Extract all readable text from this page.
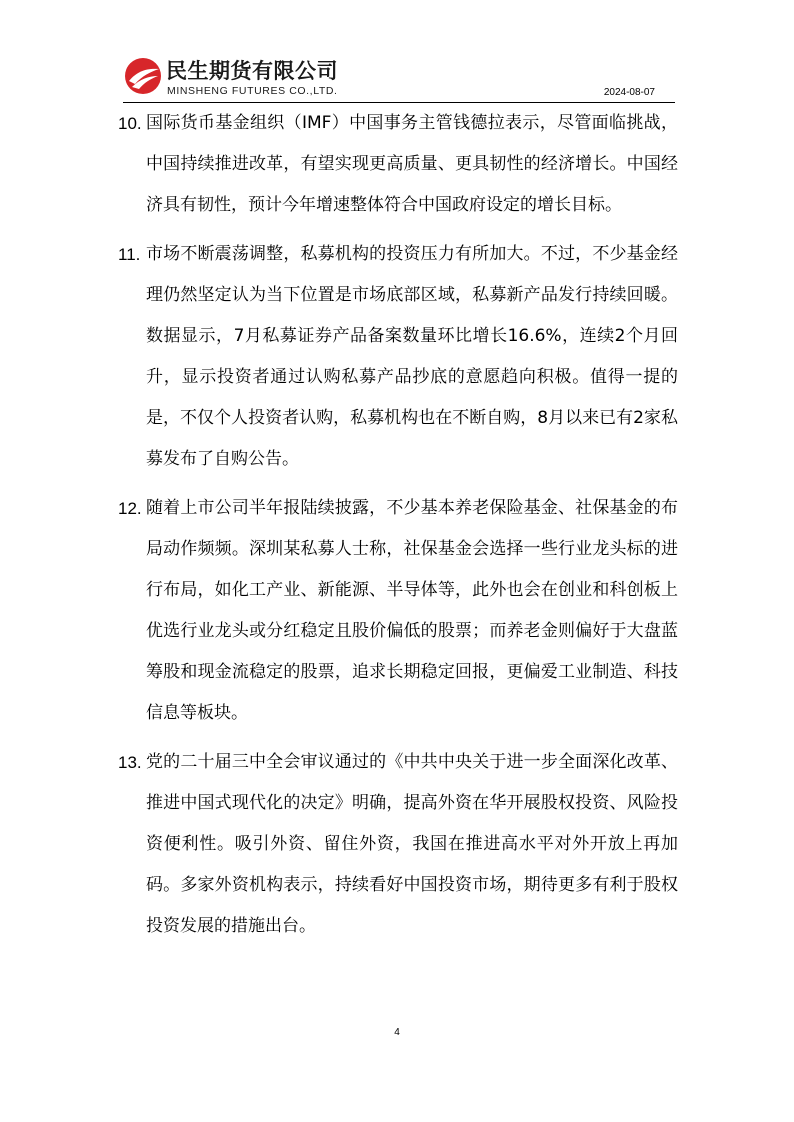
民生期货有限公司
MINSHENG FUTURES CO.,LTD.	2024-08-07
10. 国际货币基金组织（IMF）中国事务主管钱德拉表示，尽管面临挑战，中国持续推进改革，有望实现更高质量、更具韧性的经济增长。中国经济具有韧性，预计今年增速整体符合中国政府设定的增长目标。
11. 市场不断震荡调整，私募机构的投资压力有所加大。不过，不少基金经理仍然坚定认为当下位置是市场底部区域，私募新产品发行持续回暖。数据显示，7月私募证券产品备案数量环比增长16.6%，连续2个月回升，显示投资者通过认购私募产品抄底的意愿趋向积极。值得一提的是，不仅个人投资者认购，私募机构也在不断自购，8月以来已有2家私募发布了自购公告。
12. 随着上市公司半年报陆续披露，不少基本养老保险基金、社保基金的布局动作频频。深圳某私募人士称，社保基金会选择一些行业龙头标的进行布局，如化工产业、新能源、半导体等，此外也会在创业和科创板上优选行业龙头或分红稳定且股价偏低的股票；而养老金则偏好于大盘蓝筹股和现金流稳定的股票，追求长期稳定回报，更偏爱工业制造、科技信息等板块。
13. 党的二十届三中全会审议通过的《中共中央关于进一步全面深化改革、推进中国式现代化的决定》明确，提高外资在华开展股权投资、风险投资便利性。吸引外资、留住外资，我国在推进高水平对外开放上再加码。多家外资机构表示，持续看好中国投资市场，期待更多有利于股权投资发展的措施出台。
4
